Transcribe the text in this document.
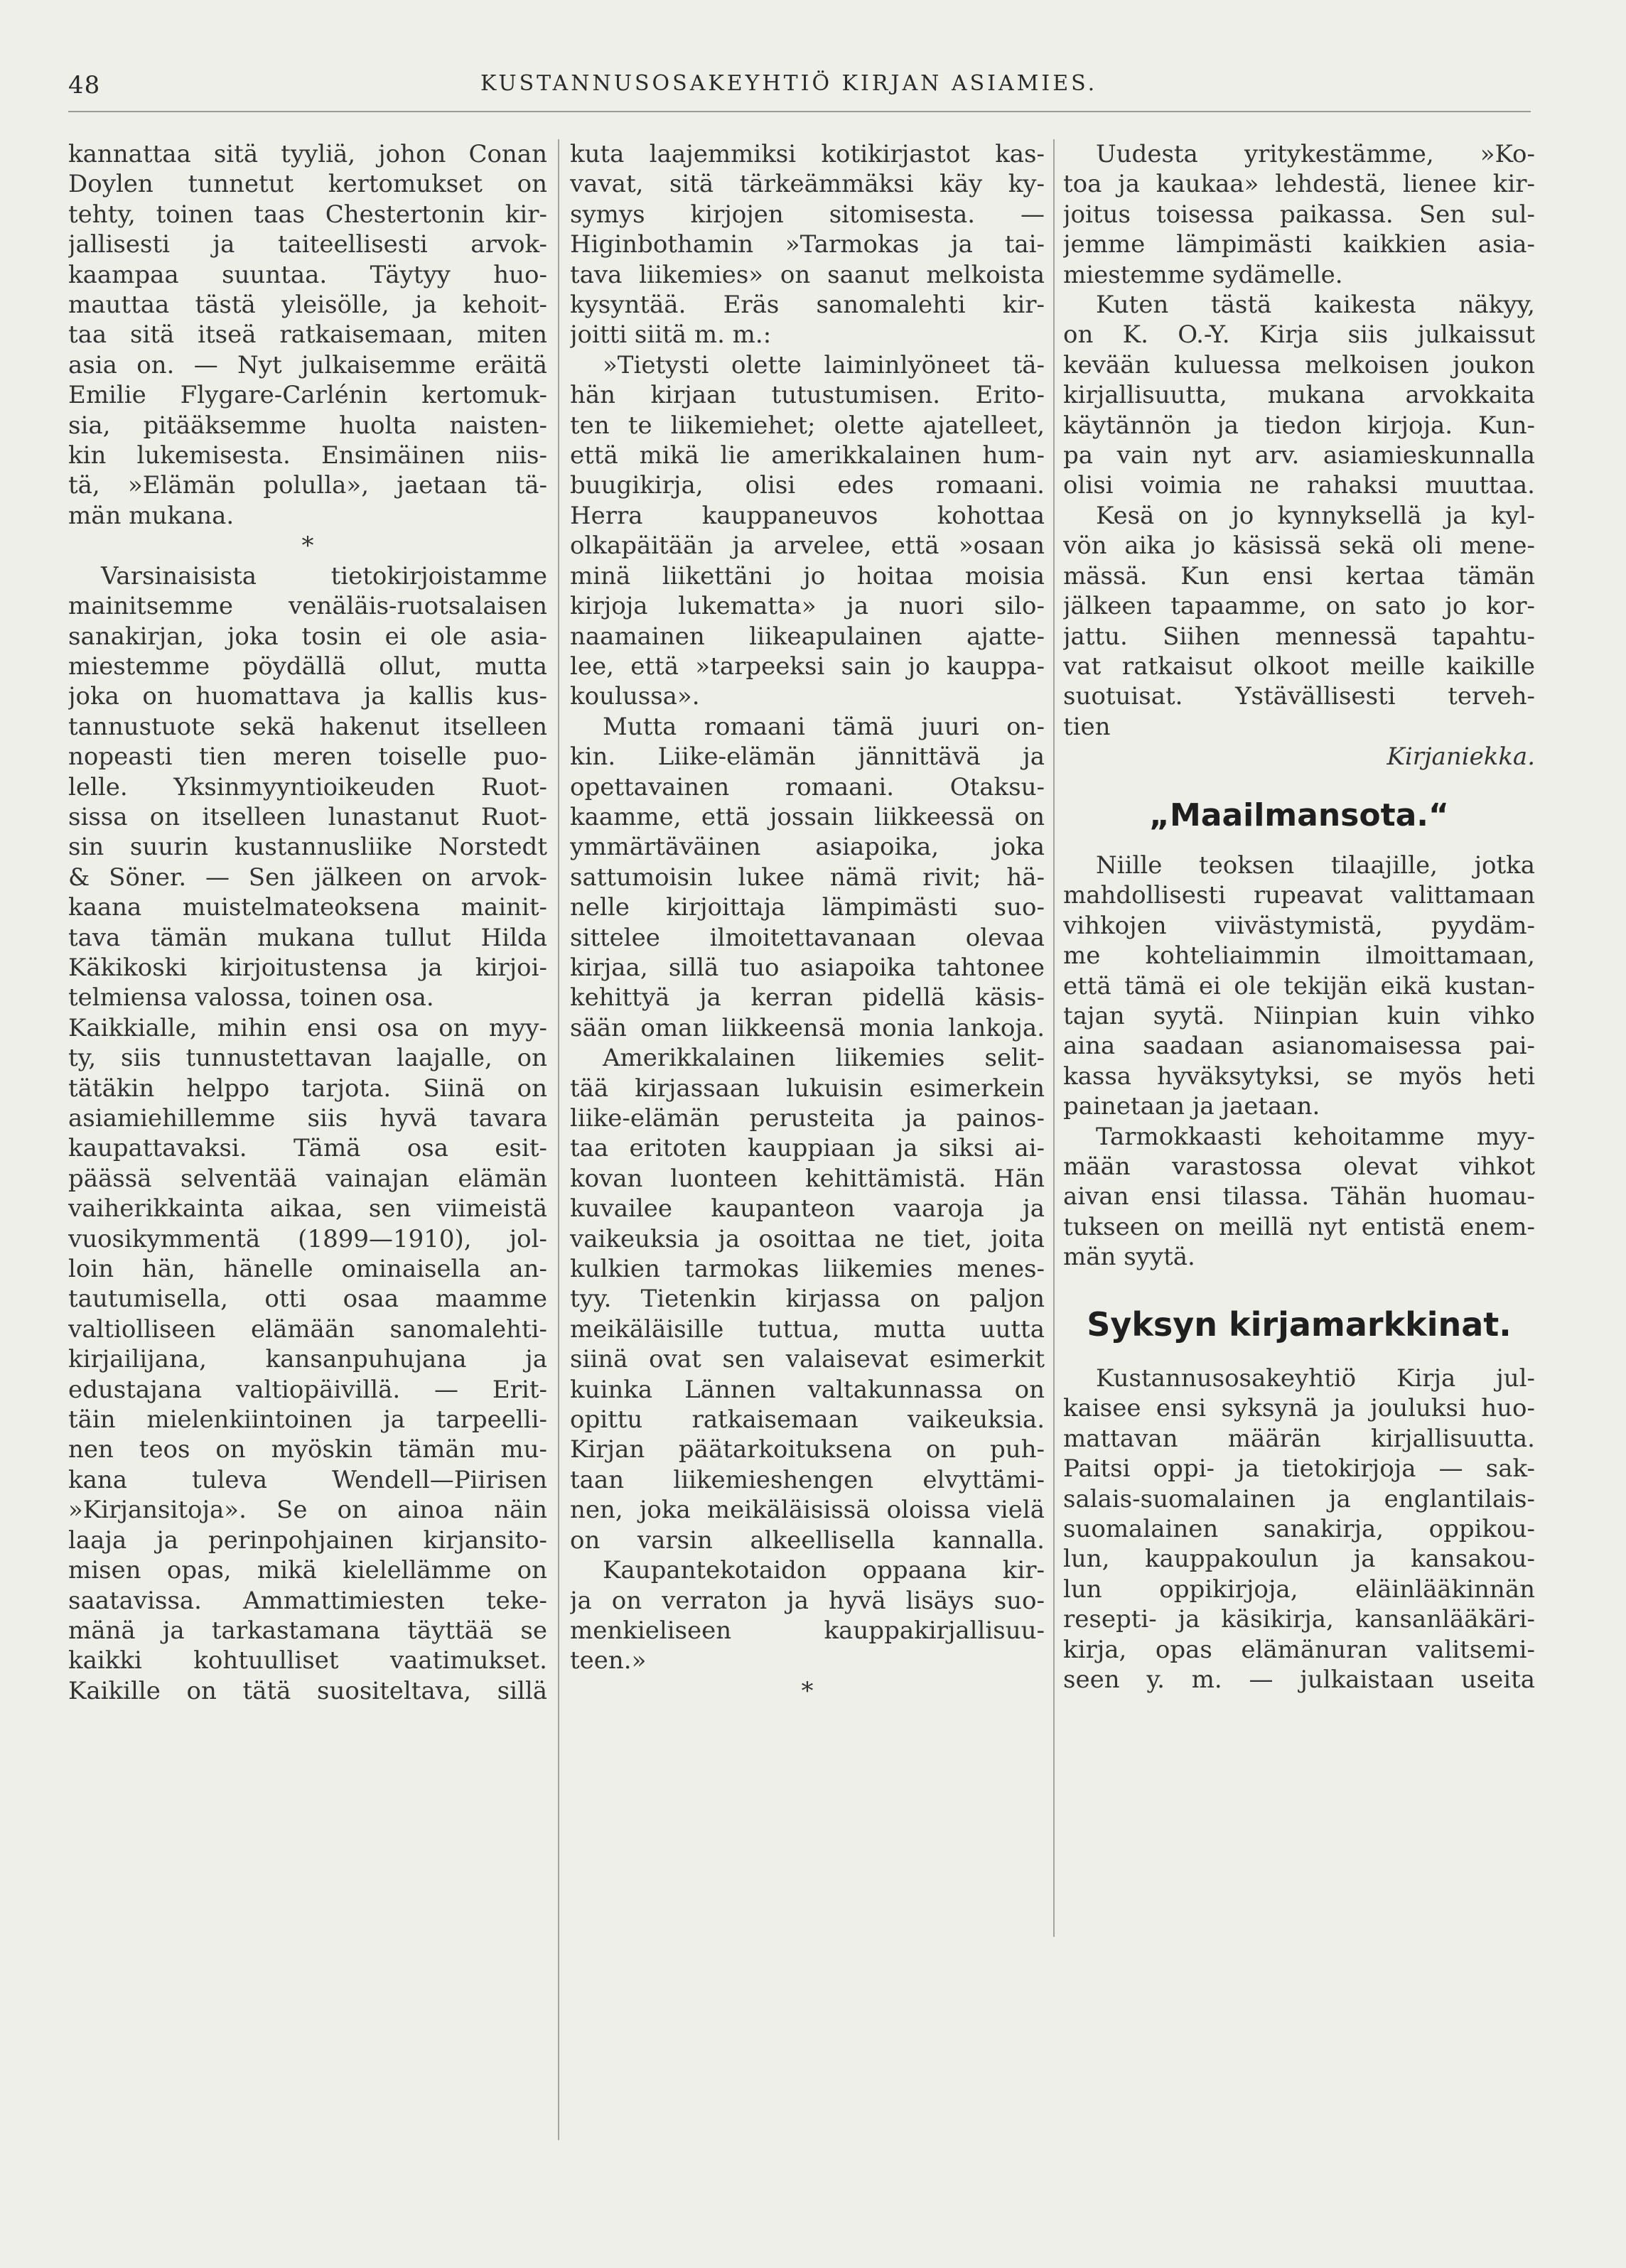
48	KUSTANNUSOSAKEYHTIÖ KIRJAN ASIAMIES.
kannattaa sitä tyyliä, johon Conan
Doylen tunnetut kertomukset on
tehty, toinen taas Chestertonin kir-
jallisesti ja taiteellisesti arvok-
kaampaa suuntaa. Täytyy huo-
mauttaa tästä yleisölle, ja kehoit-
taa sitä itseä ratkaisemaan, miten
asia on. — Nyt julkaisemme eräitä
Emilie Flygare-Carlénin kertomuk-
sia, pitääksemme huolta naisten-
kin lukemisesta. Ensimäinen niis-
tä, »Elämän polulla», jaetaan tä-
män mukana.
*
Varsinaisista tietokirjoistamme
mainitsemme venäläis-ruotsalaisen
sanakirjan, joka tosin ei ole asia-
miestemme pöydällä ollut, mutta
joka on huomattava ja kallis kus-
tannustuote sekä hakenut itselleen
nopeasti tien meren toiselle puo-
lelle. Yksinmyyntioikeuden Ruot-
sissa on itselleen lunastanut Ruot-
sin suurin kustannusliike Norstedt
& Söner. — Sen jälkeen on arvok-
kaana muistelmateoksena mainit-
tava tämän mukana tullut Hilda
Käkikoski kirjoitustensa ja kirjoi-
telmiensa valossa, toinen osa.
Kaikkialle, mihin ensi osa on myy-
ty, siis tunnustettavan laajalle, on
tätäkin helppo tarjota. Siinä on
asiamiehillemme siis hyvä tavara
kaupattavaksi. Tämä osa esit-
päässä selventää vainajan elämän
vaiherikkainta aikaa, sen viimeistä
vuosikymmentä (1899—1910), jol-
loin hän, hänelle ominaisella an-
tautumisella, otti osaa maamme
valtiolliseen elämään sanomalehti-
kirjailijana, kansanpuhujana ja
edustajana valtiopäivillä. — Erit-
täin mielenkiintoinen ja tarpeelli-
nen teos on myöskin tämän mu-
kana tuleva Wendell—Piirisen
»Kirjansitoja». Se on ainoa näin
laaja ja perinpohjainen kirjansito-
misen opas, mikä kielellämme on
saatavissa. Ammattimiesten teke-
mänä ja tarkastamana täyttää se
kaikki kohtuulliset vaatimukset.
Kaikille on tätä suositeltava, sillä
kuta laajemmiksi kotikirjastot kas-
vavat, sitä tärkeämmäksi käy ky-
symys kirjojen sitomisesta. —
Higinbothamin »Tarmokas ja tai-
tava liikemies» on saanut melkoista
kysyntää. Eräs sanomalehti kir-
joitti siitä m. m.:
»Tietysti olette laiminlyöneet tä-
hän kirjaan tutustumisen. Erito-
ten te liikemiehet; olette ajatelleet,
että mikä lie amerikkalainen hum-
buugikirja, olisi edes romaani.
Herra kauppaneuvos kohottaa
olkapäitään ja arvelee, että »osaan
minä liikettäni jo hoitaa moisia
kirjoja lukematta» ja nuori silo-
naamainen liikeapulainen ajatte-
lee, että »tarpeeksi sain jo kauppa-
koulussa».
Mutta romaani tämä juuri on-
kin. Liike-elämän jännittävä ja
opettavainen romaani. Otaksu-
kaamme, että jossain liikkeessä on
ymmärtäväinen asiapoika, joka
sattumoisin lukee nämä rivit; hä-
nelle kirjoittaja lämpimästi suo-
sittelee ilmoitettavanaan olevaa
kirjaa, sillä tuo asiapoika tahtonee
kehittyä ja kerran pidellä käsis-
sään oman liikkeensä monia lankoja.
Amerikkalainen liikemies selit-
tää kirjassaan lukuisin esimerkein
liike-elämän perusteita ja painos-
taa eritoten kauppiaan ja siksi ai-
kovan luonteen kehittämistä. Hän
kuvailee kaupanteon vaaroja ja
vaikeuksia ja osoittaa ne tiet, joita
kulkien tarmokas liikemies menes-
tyy. Tietenkin kirjassa on paljon
meikäläisille tuttua, mutta uutta
siinä ovat sen valaisevat esimerkit
kuinka Lännen valtakunnassa on
opittu ratkaisemaan vaikeuksia.
Kirjan päätarkoituksena on puh-
taan liikemieshengen elvyttämi-
nen, joka meikäläisissä oloissa vielä
on varsin alkeellisella kannalla.
Kaupantekotaidon oppaana kir-
ja on verraton ja hyvä lisäys suo-
menkieliseen kauppakirjallisuu-
teen.»
*
Uudesta yritykestämme, »Ko-
toa ja kaukaa» lehdestä, lienee kir-
joitus toisessa paikassa. Sen sul-
jemme lämpimästi kaikkien asia-
miestemme sydämelle.
Kuten tästä kaikesta näkyy,
on K. O.-Y. Kirja siis julkaissut
kevään kuluessa melkoisen joukon
kirjallisuutta, mukana arvokkaita
käytännön ja tiedon kirjoja. Kun-
pa vain nyt arv. asiamieskunnalla
olisi voimia ne rahaksi muuttaa.
Kesä on jo kynnyksellä ja kyl-
vön aika jo käsissä sekä oli mene-
mässä. Kun ensi kertaa tämän
jälkeen tapaamme, on sato jo kor-
jattu. Siihen mennessä tapahtu-
vat ratkaisut olkoot meille kaikille
suotuisat. Ystävällisesti terveh-
tien
Kirjaniekka.
„Maailmansota.“
Niille teoksen tilaajille, jotka
mahdollisesti rupeavat valittamaan
vihkojen viivästymistä, pyydäm-
me kohteliaimmin ilmoittamaan,
että tämä ei ole tekijän eikä kustan-
tajan syytä. Niinpian kuin vihko
aina saadaan asianomaisessa pai-
kassa hyväksytyksi, se myös heti
painetaan ja jaetaan.
Tarmokkaasti kehoitamme myy-
mään varastossa olevat vihkot
aivan ensi tilassa. Tähän huomau-
tukseen on meillä nyt entistä enem-
män syytä.
Syksyn kirjamarkkinat.
Kustannusosakeyhtiö Kirja jul-
kaisee ensi syksynä ja jouluksi huo-
mattavan määrän kirjallisuutta.
Paitsi oppi- ja tietokirjoja — sak-
salais-suomalainen ja englantilais-
suomalainen sanakirja, oppikou-
lun, kauppakoulun ja kansakou-
lun oppikirjoja, eläinlääkinnän
resepti- ja käsikirja, kansanlääkäri-
kirja, opas elämänuran valitsemi-
seen y. m. — julkaistaan useita
